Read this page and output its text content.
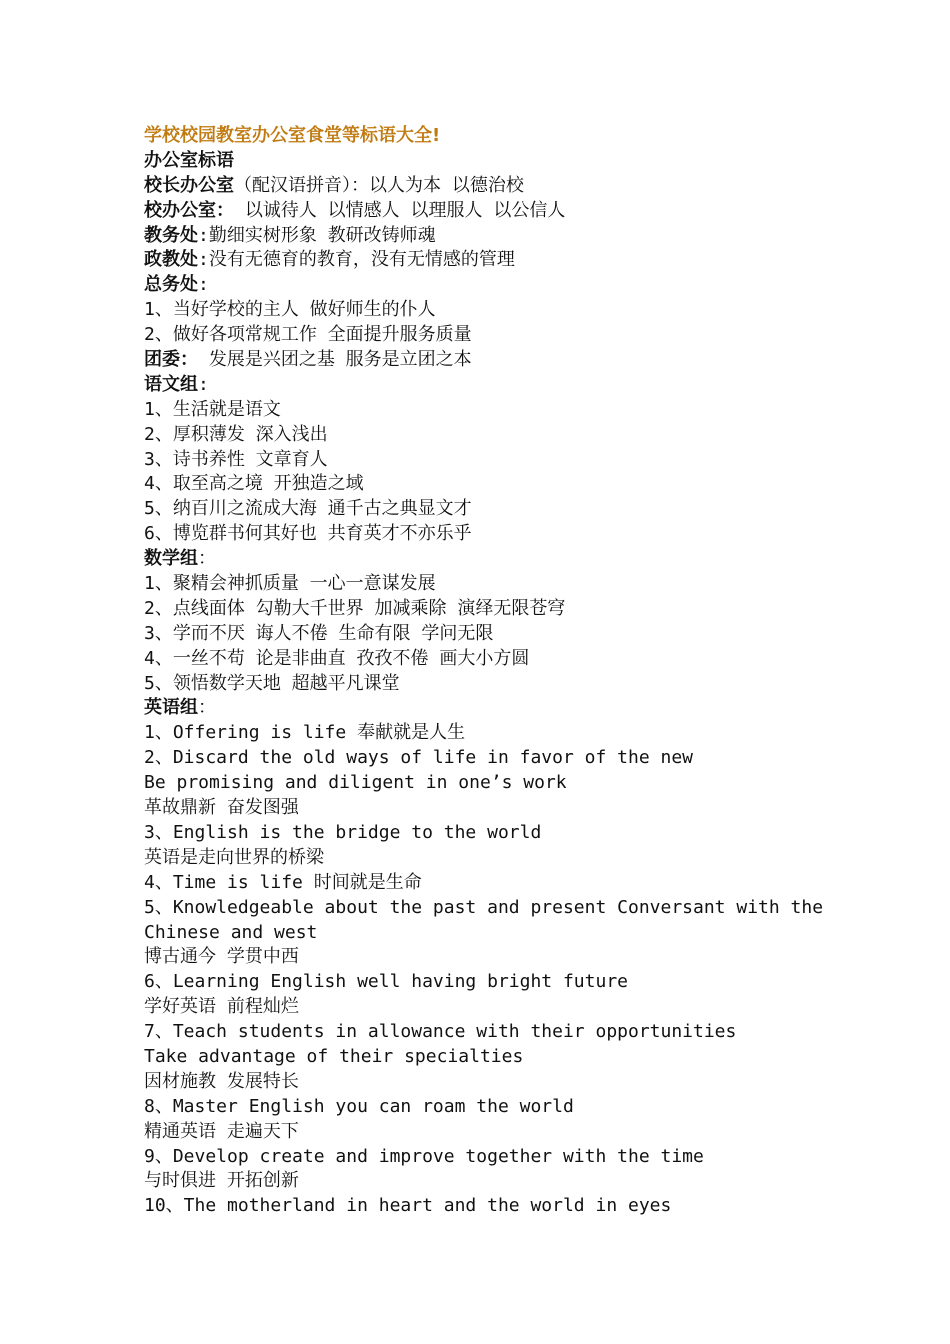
学校校园教室办公室食堂等标语大全!
办公室标语
校长办公室（配汉语拼音）：以人为本 以德治校
校办公室： 以诚待人 以情感人 以理服人 以公信人
教务处:勤细实树形象 教研改铸师魂
政教处:没有无德育的教育，没有无情感的管理
总务处:
1、当好学校的主人 做好师生的仆人
2、做好各项常规工作 全面提升服务质量
团委： 发展是兴团之基 服务是立团之本
语文组:
1、生活就是语文
2、厚积薄发 深入浅出
3、诗书养性 文章育人
4、取至高之境 开独造之域
5、纳百川之流成大海 通千古之典显文才
6、博览群书何其好也 共育英才不亦乐乎
数学组：
1、聚精会神抓质量 一心一意谋发展
2、点线面体 勾勒大千世界 加减乘除 演绎无限苍穹
3、学而不厌 诲人不倦 生命有限 学问无限
4、一丝不苟 论是非曲直 孜孜不倦 画大小方圆
5、领悟数学天地 超越平凡课堂
英语组：
1、Offering is life 奉献就是人生
2、Discard the old ways of life in favor of the new
Be promising and diligent in one’s work
革故鼎新 奋发图强
3、English is the bridge to the world
英语是走向世界的桥梁
4、Time is life 时间就是生命
5、Knowledgeable about the past and present Conversant with the
Chinese and west
博古通今 学贯中西
6、Learning English well having bright future
学好英语 前程灿烂
7、Teach students in allowance with their opportunities
Take advantage of their specialties
因材施教 发展特长
8、Master English you can roam the world
精通英语 走遍天下
9、Develop create and improve together with the time
与时俱进 开拓创新
10、The motherland in heart and the world in eyes
